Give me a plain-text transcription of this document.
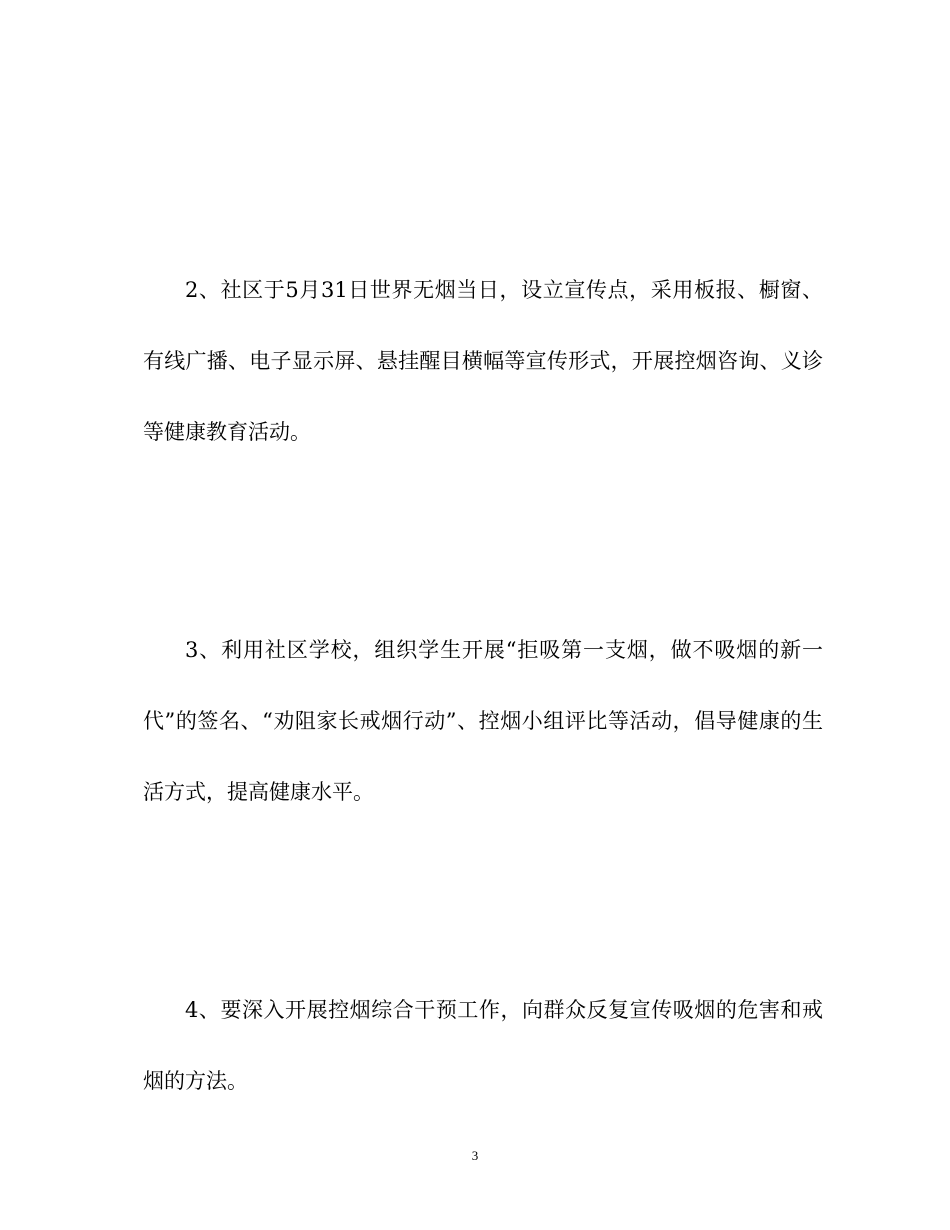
2、社区于5月31日世界无烟当日，设立宣传点，采用板报、橱窗、有线广播、电子显示屏、悬挂醒目横幅等宣传形式，开展控烟咨询、义诊等健康教育活动。

3、利用社区学校，组织学生开展“拒吸第一支烟，做不吸烟的新一代”的签名、“劝阻家长戒烟行动”、控烟小组评比等活动，倡导健康的生活方式，提高健康水平。

4、要深入开展控烟综合干预工作，向群众反复宣传吸烟的危害和戒烟的方法。

3
